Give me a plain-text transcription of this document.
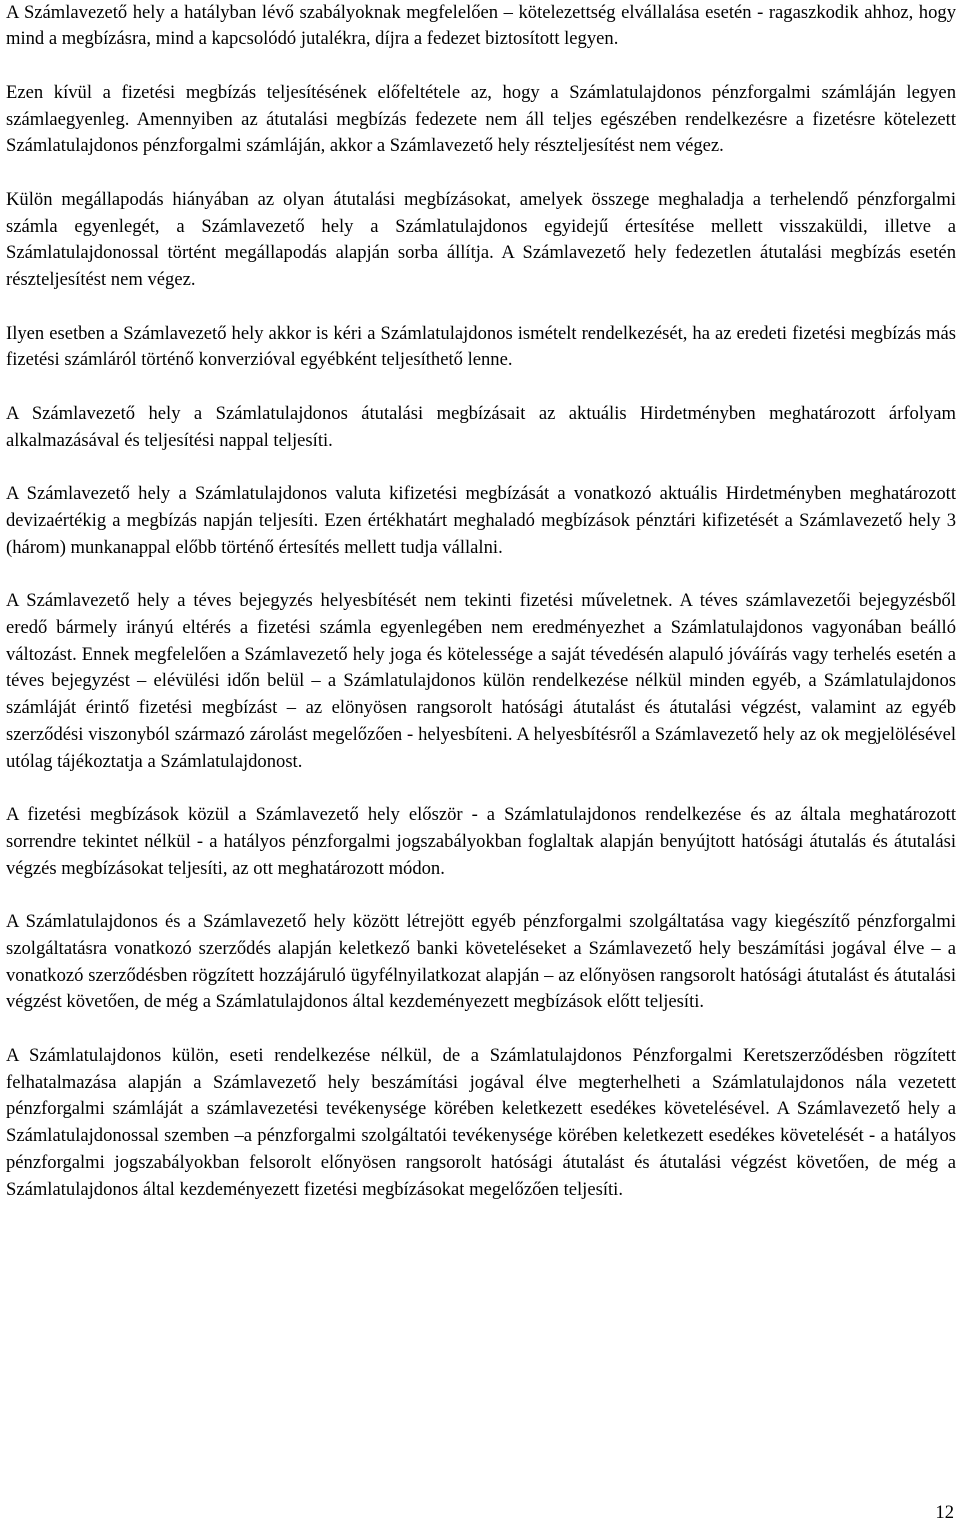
A Számlavezető hely a hatályban lévő szabályoknak megfelelően – kötelezettség elvállalása esetén - ragaszkodik ahhoz, hogy mind a megbízásra, mind a kapcsolódó jutalékra, díjra a fedezet biztosított legyen.

Ezen kívül a fizetési megbízás teljesítésének előfeltétele az, hogy a Számlatulajdonos pénzforgalmi számláján legyen számlaegyenleg. Amennyiben az átutalási megbízás fedezete nem áll teljes egészében rendelkezésre a fizetésre kötelezett Számlatulajdonos pénzforgalmi számláján, akkor a Számlavezető hely részteljesítést nem végez.

Külön megállapodás hiányában az olyan átutalási megbízásokat, amelyek összege meghaladja a terhelendő pénzforgalmi számla egyenlegét, a Számlavezető hely a Számlatulajdonos egyidejű értesítése mellett visszaküldi, illetve a Számlatulajdonossal történt megállapodás alapján sorba állítja. A Számlavezető hely fedezetlen átutalási megbízás esetén részteljesítést nem végez.

Ilyen esetben a Számlavezető hely akkor is kéri a Számlatulajdonos ismételt rendelkezését, ha az eredeti fizetési megbízás más fizetési számláról történő konverzióval egyébként teljesíthető lenne.

A Számlavezető hely a Számlatulajdonos átutalási megbízásait az aktuális Hirdetményben meghatározott árfolyam alkalmazásával és teljesítési nappal teljesíti.

A Számlavezető hely a Számlatulajdonos valuta kifizetési megbízását a vonatkozó aktuális Hirdetményben meghatározott devizaértékig a megbízás napján teljesíti. Ezen értékhatárt meghaladó megbízások pénztári kifizetését a Számlavezető hely 3 (három) munkanappal előbb történő értesítés mellett tudja vállalni.

A Számlavezető hely a téves bejegyzés helyesbítését nem tekinti fizetési műveletnek. A téves számlavezetői bejegyzésből eredő bármely irányú eltérés a fizetési számla egyenlegében nem eredményezhet a Számlatulajdonos vagyonában beálló változást. Ennek megfelelően a Számlavezető hely joga és kötelessége a saját tévedésén alapuló jóváírás vagy terhelés esetén a téves bejegyzést – elévülési időn belül – a Számlatulajdonos külön rendelkezése nélkül minden egyéb, a Számlatulajdonos számláját érintő fizetési megbízást – az elönyösen rangsorolt hatósági átutalást és átutalási végzést, valamint az egyéb szerződési viszonyból származó zárolást megelőzően - helyesbíteni. A helyesbítésről a Számlavezető hely az ok megjelölésével utólag tájékoztatja a Számlatulajdonost.

A fizetési megbízások közül a Számlavezető hely először - a Számlatulajdonos rendelkezése és az általa meghatározott sorrendre tekintet nélkül - a hatályos pénzforgalmi jogszabályokban foglaltak alapján benyújtott hatósági átutalás és átutalási végzés megbízásokat teljesíti, az ott meghatározott módon.

A Számlatulajdonos és a Számlavezető hely között létrejött egyéb pénzforgalmi szolgáltatása vagy kiegészítő pénzforgalmi szolgáltatásra vonatkozó szerződés alapján keletkező banki követeléseket a Számlavezető hely beszámítási jogával élve – a vonatkozó szerződésben rögzített hozzájáruló ügyfélnyilatkozat alapján – az előnyösen rangsorolt hatósági átutalást és átutalási végzést követően, de még a Számlatulajdonos által kezdeményezett megbízások előtt teljesíti.

A Számlatulajdonos külön, eseti rendelkezése nélkül, de a Számlatulajdonos Pénzforgalmi Keretszerződésben rögzített felhatalmazása alapján a Számlavezető hely beszámítási jogával élve megterhelheti a Számlatulajdonos nála vezetett pénzforgalmi számláját a számlavezetési tevékenysége körében keletkezett esedékes követelésével. A Számlavezető hely a Számlatulajdonossal szemben –a pénzforgalmi szolgáltatói tevékenysége körében keletkezett esedékes követelését - a hatályos pénzforgalmi jogszabályokban felsorolt előnyösen rangsorolt hatósági átutalást és átutalási végzést követően, de még a Számlatulajdonos által kezdeményezett fizetési megbízásokat megelőzően teljesíti.

12
